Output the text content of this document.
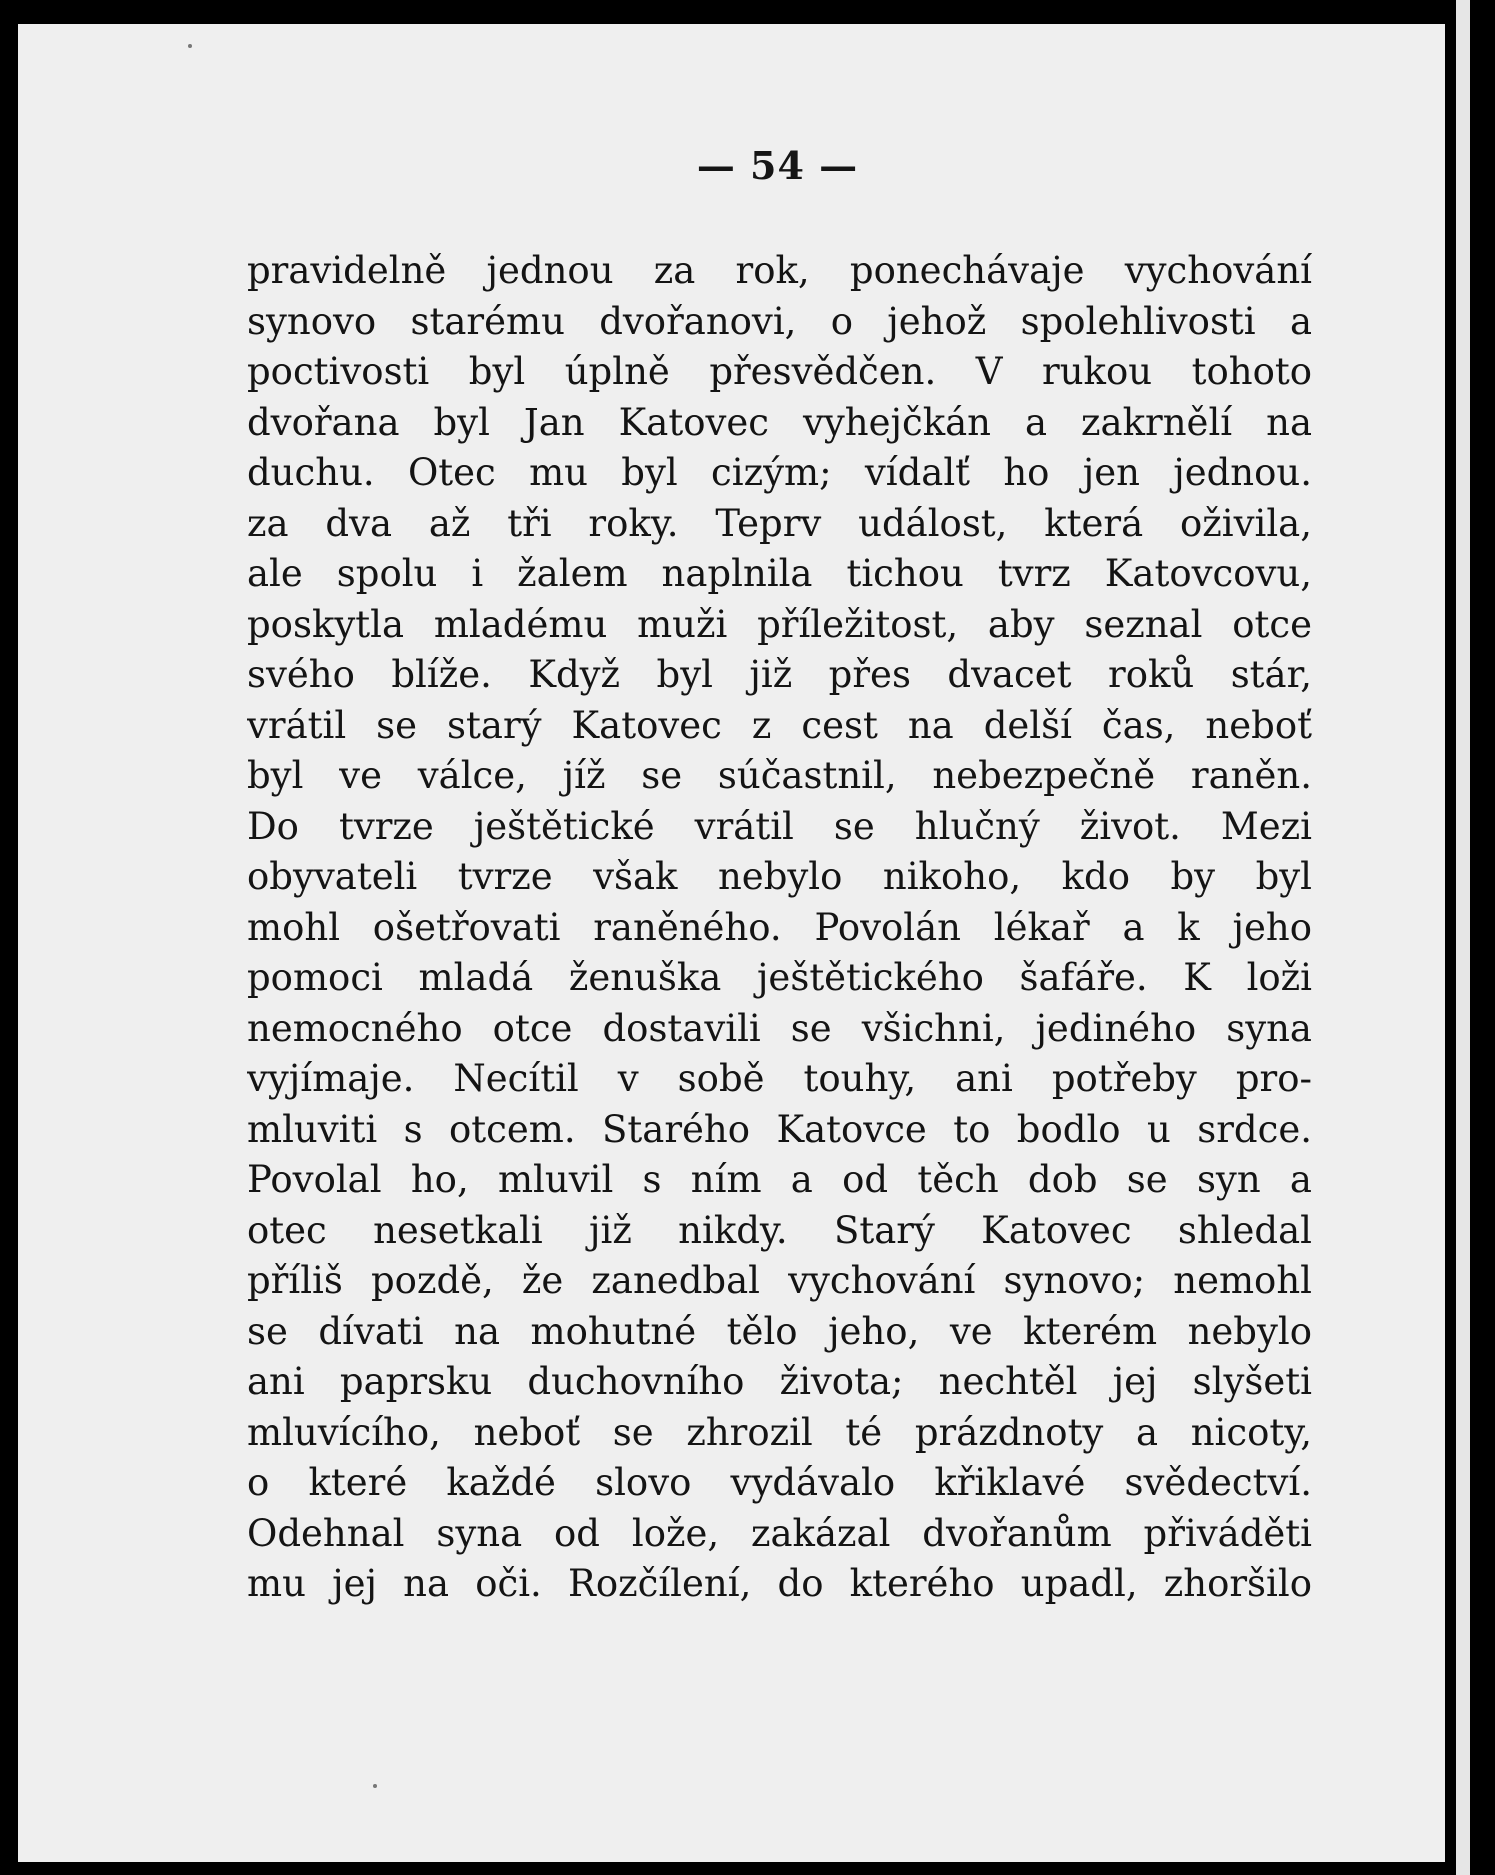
— 54 —
pravidelně jednou za rok, ponechávaje vychování
synovo starému dvořanovi, o jehož spolehlivosti a
poctivosti byl úplně přesvědčen. V rukou tohoto
dvořana byl Jan Katovec vyhejčkán a zakrnělí na
duchu. Otec mu byl cizým; vídalť ho jen jednou.
za dva až tři roky. Teprv událost, která oživila,
ale spolu i žalem naplnila tichou tvrz Katovcovu,
poskytla mladému muži příležitost, aby seznal otce
svého blíže. Když byl již přes dvacet roků stár,
vrátil se starý Katovec z cest na delší čas, neboť
byl ve válce, jíž se súčastnil, nebezpečně raněn.
Do tvrze ještětické vrátil se hlučný život. Mezi
obyvateli tvrze však nebylo nikoho, kdo by byl
mohl ošetřovati raněného. Povolán lékař a k jeho
pomoci mladá ženuška ještětického šafáře. K loži
nemocného otce dostavili se všichni, jediného syna
vyjímaje. Necítil v sobě touhy, ani potřeby pro-
mluviti s otcem. Starého Katovce to bodlo u srdce.
Povolal ho, mluvil s ním a od těch dob se syn a
otec nesetkali již nikdy. Starý Katovec shledal
příliš pozdě, že zanedbal vychování synovo; nemohl
se dívati na mohutné tělo jeho, ve kterém nebylo
ani paprsku duchovního života; nechtěl jej slyšeti
mluvícího, neboť se zhrozil té prázdnoty a nicoty,
o které každé slovo vydávalo křiklavé svědectví.
Odehnal syna od lože, zakázal dvořanům přiváděti
mu jej na oči. Rozčílení, do kterého upadl, zhoršilo
